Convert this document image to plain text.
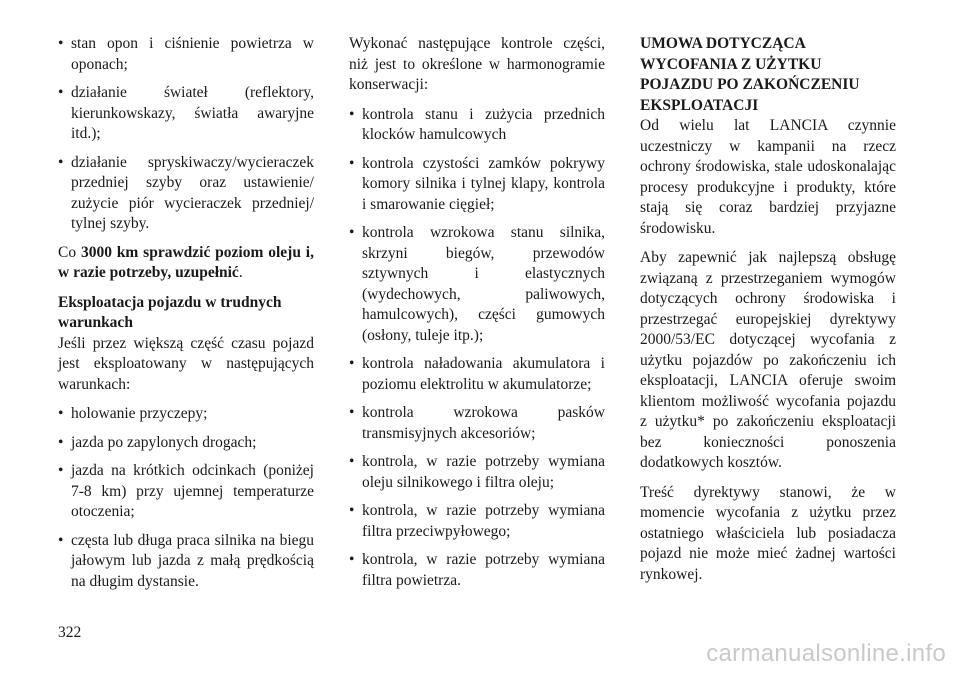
• stan opon i ciśnienie powietrza w oponach;
• działanie świateł (reflektory, kierunkowskazy, światła awaryjne itd.);
• działanie spryskiwaczy/wycieraczek przedniej szyby oraz ustawienie/ zużycie piór wycieraczek przedniej/ tylnej szyby.

Co 3000 km sprawdzić poziom oleju i, w razie potrzeby, uzupełnić.

Eksploatacja pojazdu w trudnych warunkach

Jeśli przez większą część czasu pojazd jest eksploatowany w następujących warunkach:

• holowanie przyczepy;
• jazda po zapylonych drogach;
• jazda na krótkich odcinkach (poniżej 7-8 km) przy ujemnej temperaturze otoczenia;
• częsta lub długa praca silnika na biegu jałowym lub jazda z małą prędkością na długim dystansie.

Wykonać następujące kontrole części, niż jest to określone w harmonogramie konserwacji:

• kontrola stanu i zużycia przednich klocków hamulcowych
• kontrola czystości zamków pokrywy komory silnika i tylnej klapy, kontrola i smarowanie cięgieł;
• kontrola wzrokowa stanu silnika, skrzyni biegów, przewodów sztywnych i elastycznych (wydechowych, paliwowych, hamulcowych), części gumowych (osłony, tuleje itp.);
• kontrola naładowania akumulatora i poziomu elektrolitu w akumulatorze;
• kontrola wzrokowa pasków transmisyjnych akcesoriów;
• kontrola, w razie potrzeby wymiana oleju silnikowego i filtra oleju;
• kontrola, w razie potrzeby wymiana filtra przeciwpyłowego;
• kontrola, w razie potrzeby wymiana filtra powietrza.

UMOWA DOTYCZĄCA WYCOFANIA Z UŻYTKU POJAZDU PO ZAKOŃCZENIU EKSPLOATACJI

Od wielu lat LANCIA czynnie uczestniczy w kampanii na rzecz ochrony środowiska, stale udoskonalając procesy produkcyjne i produkty, które stają się coraz bardziej przyjazne środowisku.

Aby zapewnić jak najlepszą obsługę związaną z przestrzeganiem wymogów dotyczących ochrony środowiska i przestrzegać europejskiej dyrektywy 2000/53/EC dotyczącej wycofania z użytku pojazdów po zakończeniu ich eksploatacji, LANCIA oferuje swoim klientom możliwość wycofania pojazdu z użytku* po zakończeniu eksploatacji bez konieczności ponoszenia dodatkowych kosztów.

Treść dyrektywy stanowi, że w momencie wycofania z użytku przez ostatniego właściciela lub posiadacza pojazd nie może mieć żadnej wartości rynkowej.

322
carmanualsonline.info
